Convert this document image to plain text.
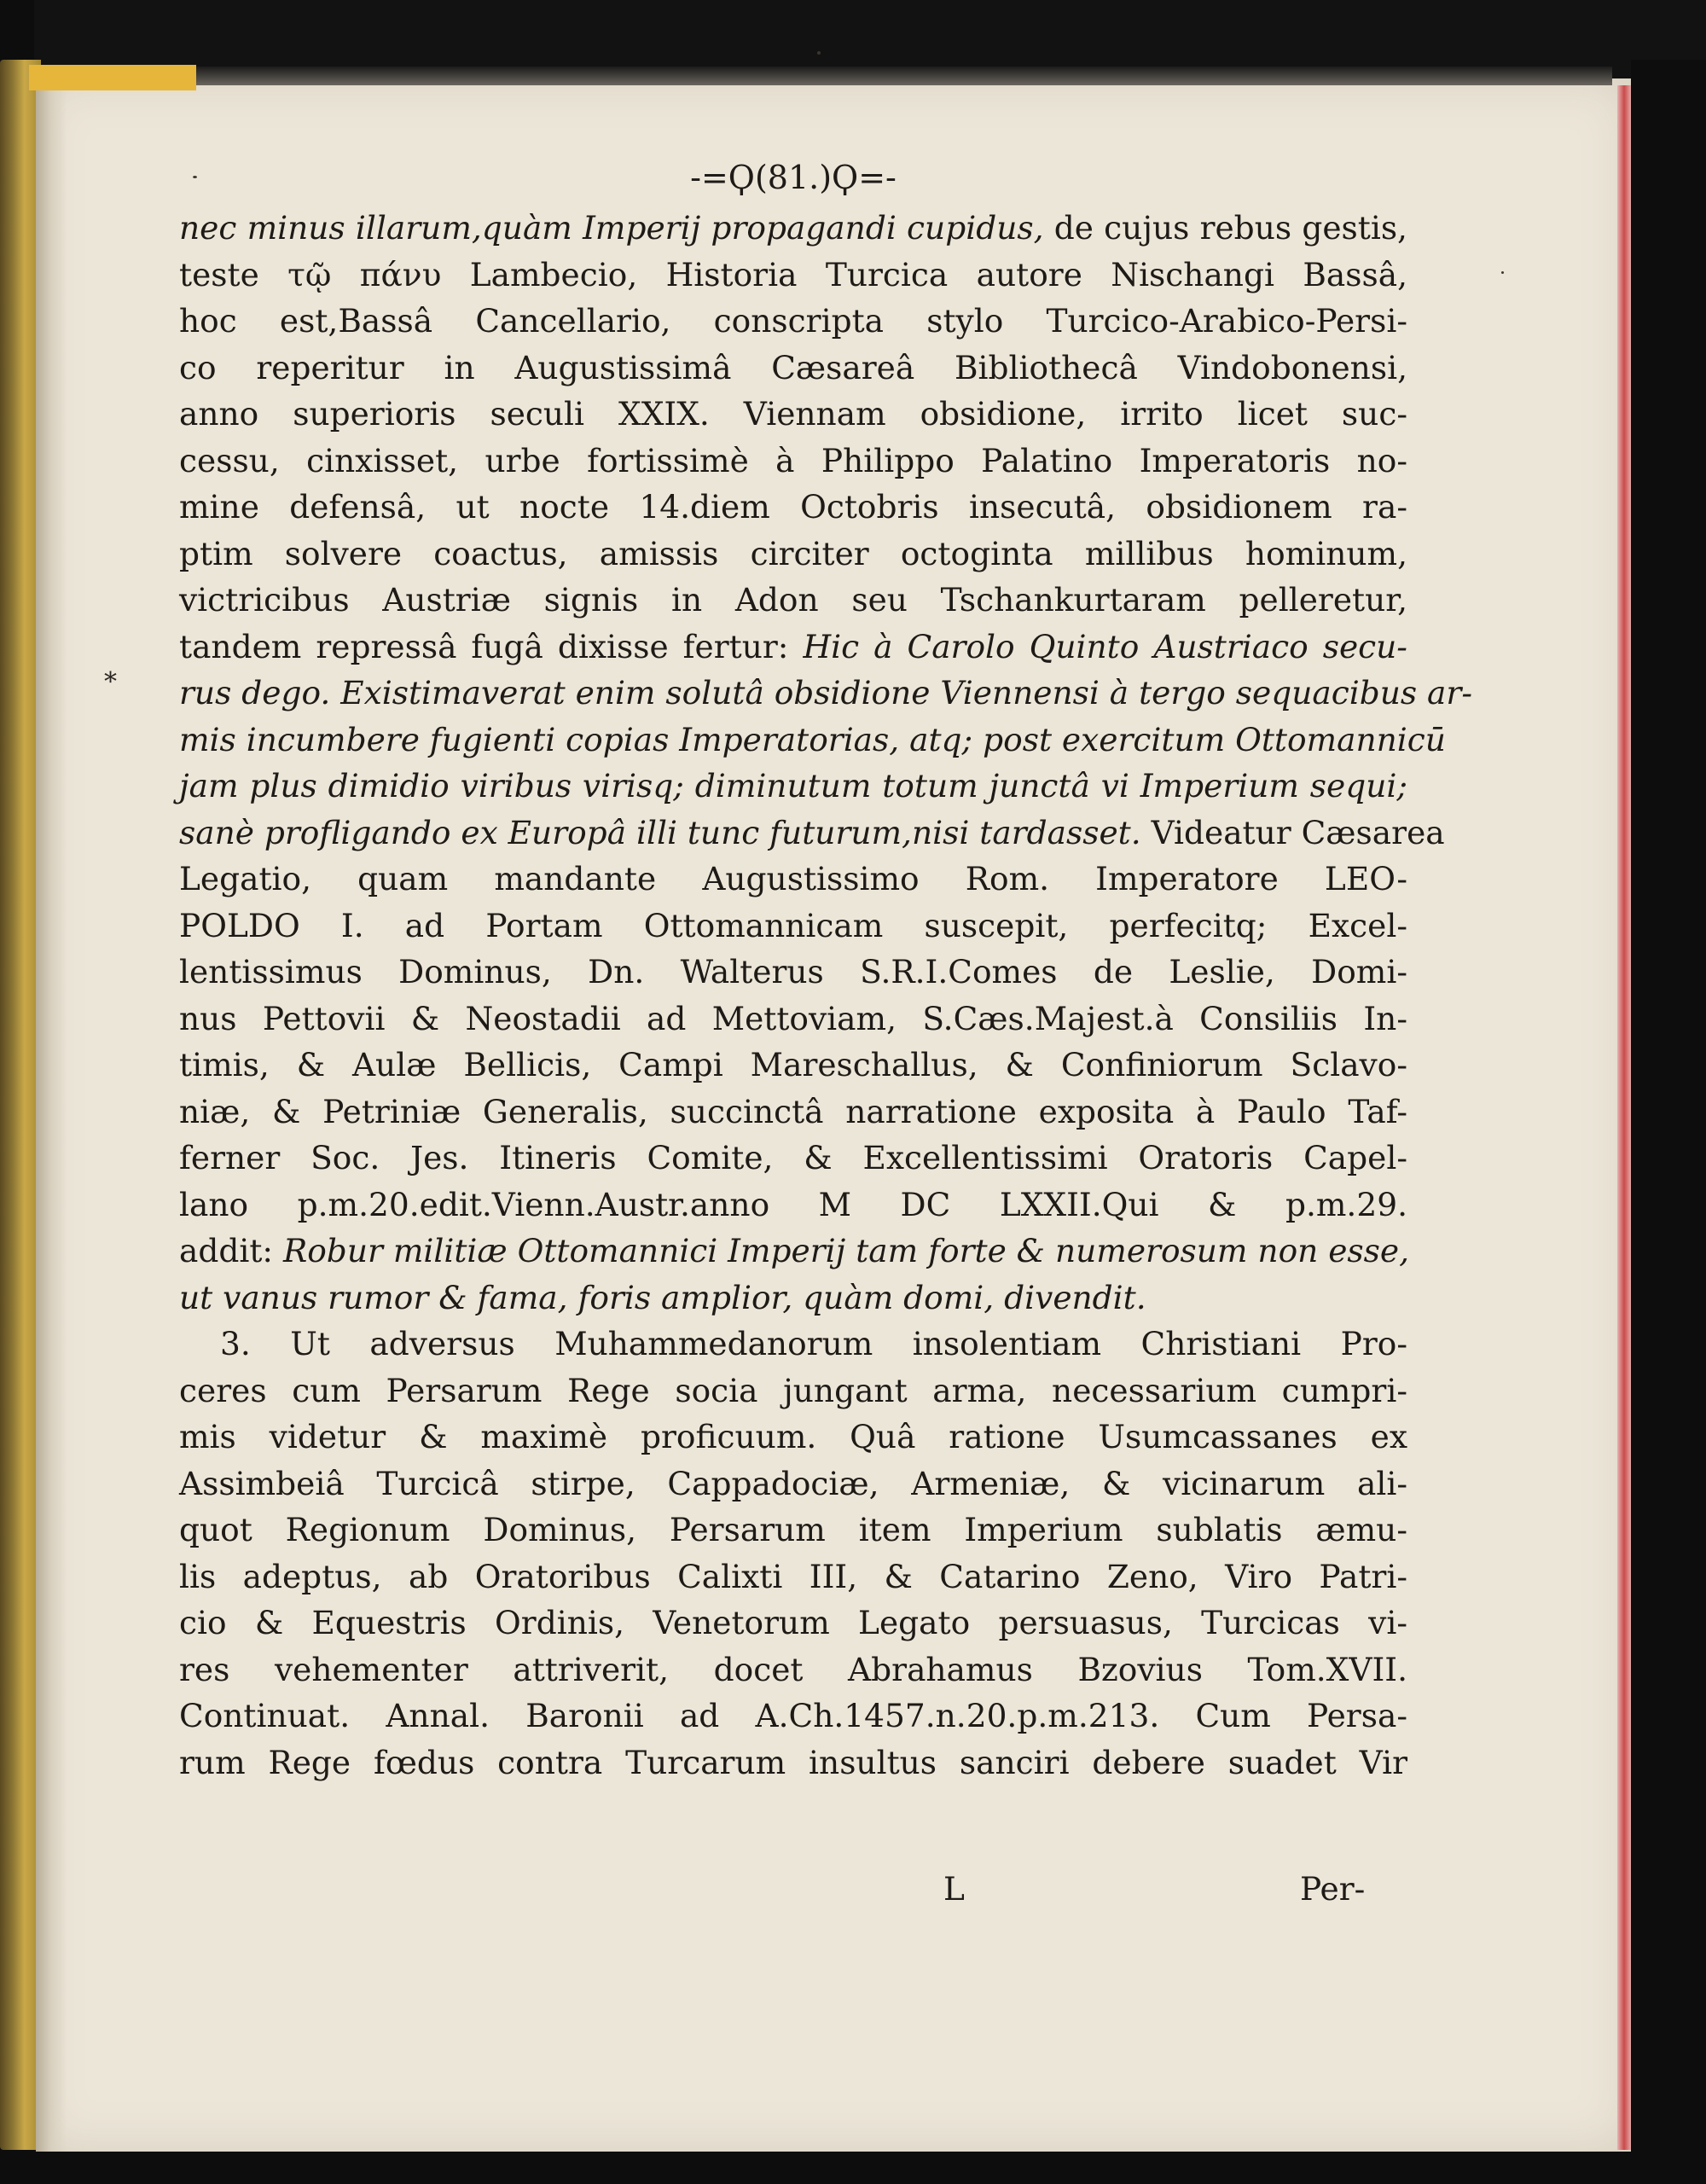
-=Ϙ(81.)Ϙ=-
*
nec minus illarum,quàm Imperij propagandi cupidus, de cujus rebus gestis,
teste τῷ πάνυ Lambecio, Historia Turcica autore Nischangi Bassâ,
hoc est,Bassâ Cancellario, conscripta stylo Turcico-Arabico-Persi-
co reperitur in Augustissimâ Cæsareâ Bibliothecâ Vindobonensi,
anno superioris seculi XXIX. Viennam obsidione, irrito licet suc-
cessu, cinxisset, urbe fortissimè à Philippo Palatino Imperatoris no-
mine defensâ, ut nocte 14.diem Octobris insecutâ, obsidionem ra-
ptim solvere coactus, amissis circiter octoginta millibus hominum,
victricibus Austriæ signis in Adon seu Tschankurtaram pelleretur,
tandem repressâ fugâ dixisse fertur: Hic à Carolo Quinto Austriaco secu-
rus dego. Existimaverat enim solutâ obsidione Viennensi à tergo sequacibus ar-
mis incumbere fugienti copias Imperatorias, atq; post exercitum Ottomannicū
jam plus dimidio viribus virisq; diminutum totum junctâ vi Imperium sequi;
sanè profligando ex Europâ illi tunc futurum,nisi tardasset. Videatur Cæsarea
Legatio, quam mandante Augustissimo Rom. Imperatore LEO-
POLDO I. ad Portam Ottomannicam suscepit, perfecitq; Excel-
lentissimus Dominus, Dn. Walterus S.R.I.Comes de Leslie, Domi-
nus Pettovii & Neostadii ad Mettoviam, S.Cæs.Majest.à Consiliis In-
timis, & Aulæ Bellicis, Campi Mareschallus, & Confiniorum Sclavo-
niæ, & Petriniæ Generalis, succinctâ narratione exposita à Paulo Taf-
ferner Soc. Jes. Itineris Comite, & Excellentissimi Oratoris Capel-
lano p.m.20.edit.Vienn.Austr.anno M DC LXXII.Qui & p.m.29.
addit: Robur militiæ Ottomannici Imperij tam forte & numerosum non esse,
ut vanus rumor & fama, foris amplior, quàm domi, divendit.
3. Ut adversus Muhammedanorum insolentiam Christiani Pro-
ceres cum Persarum Rege socia jungant arma, necessarium cumpri-
mis videtur & maximè proficuum. Quâ ratione Usumcassanes ex
Assimbeiâ Turcicâ stirpe, Cappadociæ, Armeniæ, & vicinarum ali-
quot Regionum Dominus, Persarum item Imperium sublatis æmu-
lis adeptus, ab Oratoribus Calixti III, & Catarino Zeno, Viro Patri-
cio & Equestris Ordinis, Venetorum Legato persuasus, Turcicas vi-
res vehementer attriverit, docet Abrahamus Bzovius Tom.XVII.
Continuat. Annal. Baronii ad A.Ch.1457.n.20.p.m.213. Cum Persa-
rum Rege fœdus contra Turcarum insultus sanciri debere suadet Vir
L	Per-
